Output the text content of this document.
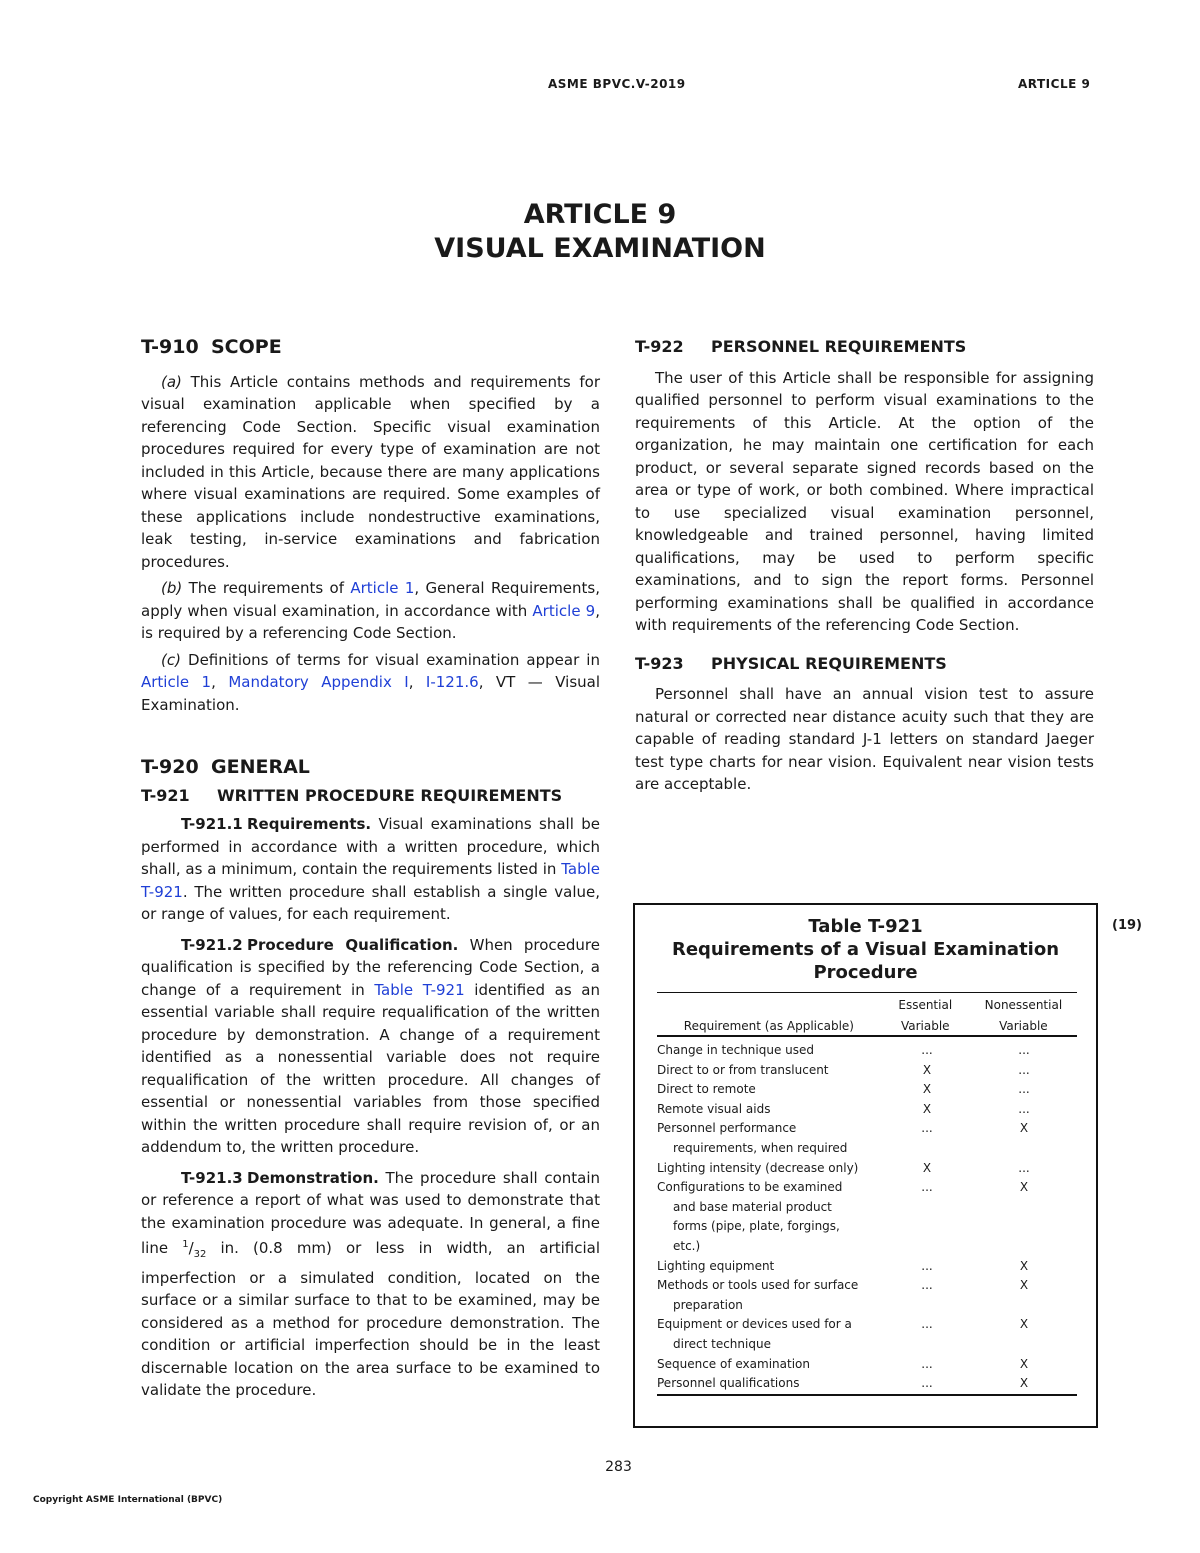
ASME BPVC.V-2019	ARTICLE 9
ARTICLE 9
VISUAL EXAMINATION
T-910 SCOPE

(a) This Article contains methods and requirements for visual examination applicable when specified by a referencing Code Section. Specific visual examination procedures required for every type of examination are not included in this Article, because there are many applications where visual examinations are required. Some examples of these applications include nondestructive examinations, leak testing, in-service examinations and fabrication procedures.

(b) The requirements of Article 1, General Requirements, apply when visual examination, in accordance with Article 9, is required by a referencing Code Section.

(c) Definitions of terms for visual examination appear in Article 1, Mandatory Appendix I, I-121.6, VT — Visual Examination.

T-920 GENERAL
T-921 WRITTEN PROCEDURE REQUIREMENTS

T-921.1 Requirements. Visual examinations shall be performed in accordance with a written procedure, which shall, as a minimum, contain the requirements listed in Table T-921. The written procedure shall establish a single value, or range of values, for each requirement.

T-921.2 Procedure Qualification. When procedure qualification is specified by the referencing Code Section, a change of a requirement in Table T-921 identified as an essential variable shall require requalification of the written procedure by demonstration. A change of a requirement identified as a nonessential variable does not require requalification of the written procedure. All changes of essential or nonessential variables from those specified within the written procedure shall require revision of, or an addendum to, the written procedure.

T-921.3 Demonstration. The procedure shall contain or reference a report of what was used to demonstrate that the examination procedure was adequate. In general, a fine line $^1/_{32}$ in. (0.8 mm) or less in width, an artificial imperfection or a simulated condition, located on the surface or a similar surface to that to be examined, may be considered as a method for procedure demonstration. The condition or artificial imperfection should be in the least discernable location on the area surface to be examined to validate the procedure.

T-922 PERSONNEL REQUIREMENTS

The user of this Article shall be responsible for assigning qualified personnel to perform visual examinations to the requirements of this Article. At the option of the organization, he may maintain one certification for each product, or several separate signed records based on the area or type of work, or both combined. Where impractical to use specialized visual examination personnel, knowledgeable and trained personnel, having limited qualifications, may be used to perform specific examinations, and to sign the report forms. Personnel performing examinations shall be qualified in accordance with requirements of the referencing Code Section.

T-923 PHYSICAL REQUIREMENTS

Personnel shall have an annual vision test to assure natural or corrected near distance acuity such that they are capable of reading standard J-1 letters on standard Jaeger test type charts for near vision. Equivalent near vision tests are acceptable.

(19)
Table T-921
Requirements of a Visual Examination
Procedure
Requirement (as Applicable)	Essential	Nonessential
	Variable	Variable
Change in technique used	...	...
Direct to or from translucent	X	...
Direct to remote	X	...
Remote visual aids	X	...
Personnel performance
requirements, when required	...	X
Lighting intensity (decrease only)	X	...
Configurations to be examined
and base material product
forms (pipe, plate, forgings,
etc.)	...	X
Lighting equipment	...	X
Methods or tools used for surface
preparation	...	X
Equipment or devices used for a
direct technique	...	X
Sequence of examination	...	X
Personnel qualifications	...	X
283
Copyright ASME International (BPVC)
